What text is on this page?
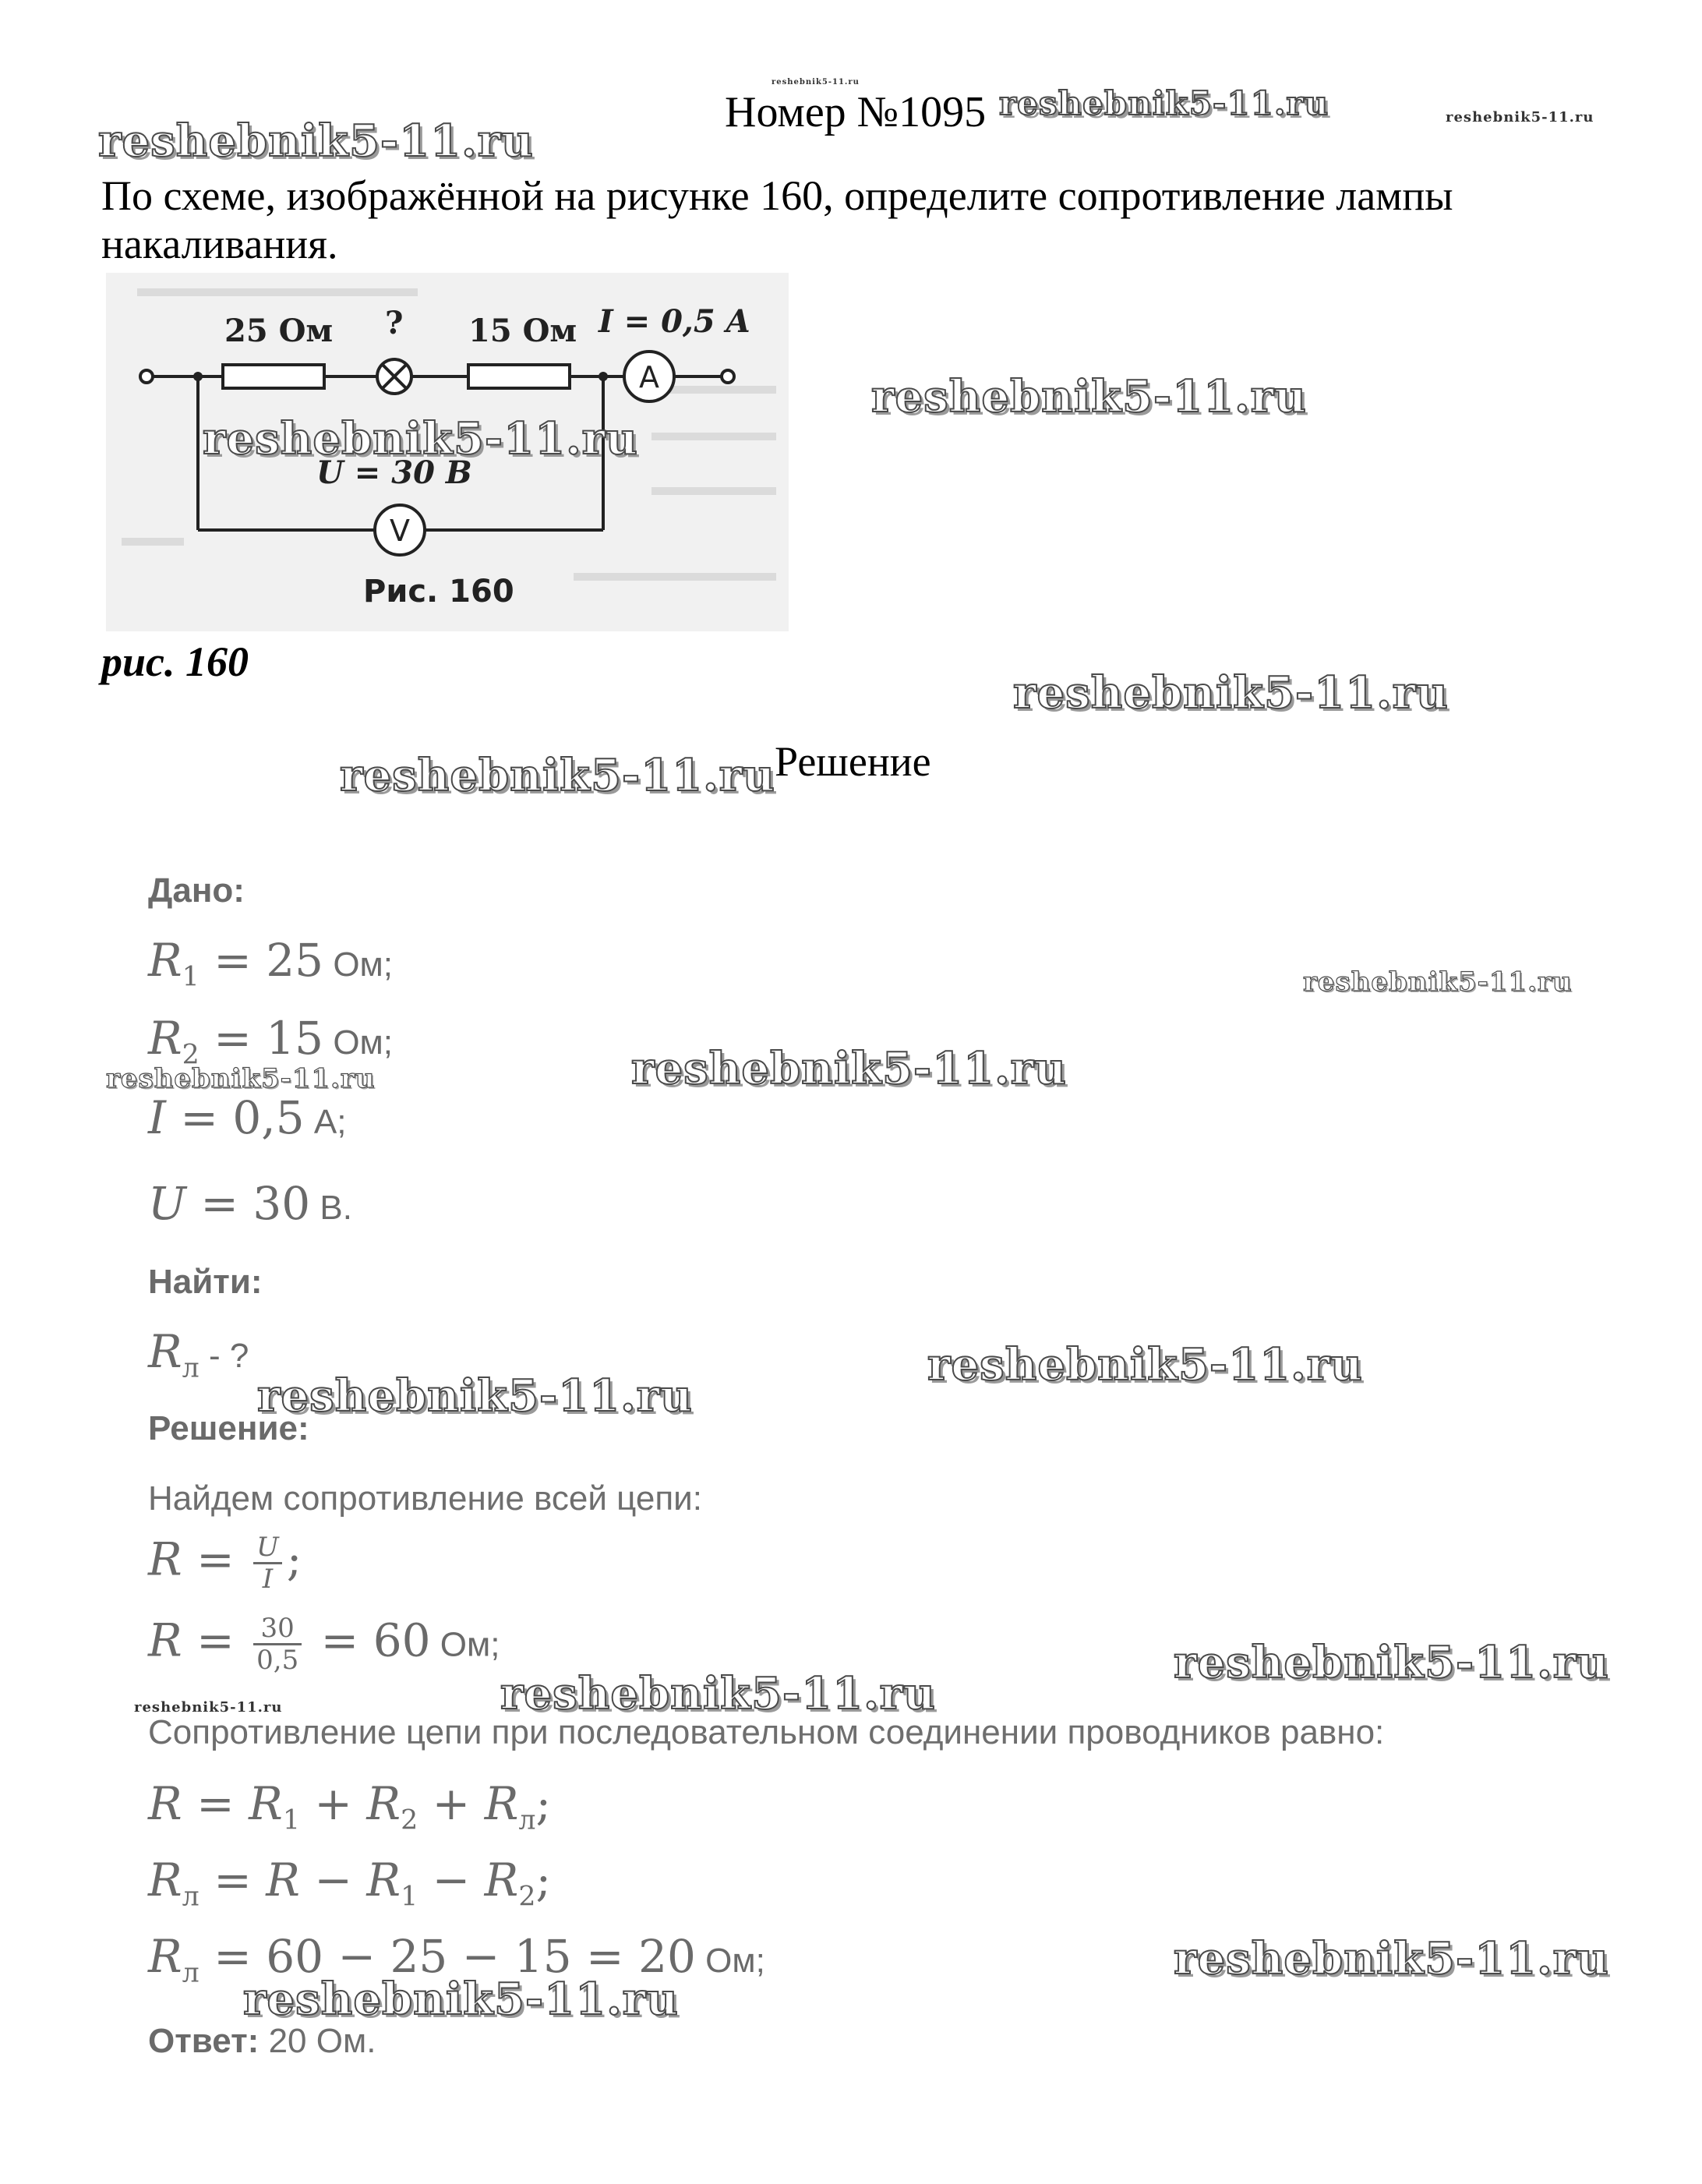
Номер №1095 reshebnik5-11.ru	reshebnik5-11.ru
reshebnik5-11.ru
reshebnik5-11.ru
По схеме, изображённой на рисунке 160, определите сопротивление лампы накаливания.
A
V
25 Ом ? 15 Ом I = 0,5 A
U = 30 В
Рис. 160
reshebnik5-11.ru
reshebnik5-11.ru
рис. 160
reshebnik5-11.ru
reshebnik5-11.ru Решение
Дано:
$R_1 = 25$ Ом;	reshebnik5-11.ru
$R_2 = 15$ Ом;
reshebnik5-11.ru	reshebnik5-11.ru
I = 0,5 А;
U = 30 В.
Найти:
$R_л$ - ?	reshebnik5-11.ru
reshebnik5-11.ru
Решение:
Найдем сопротивление всей цепи:
$R = \frac{U}{I}$ ;
$R = \frac{30}{0,5} = 60$ Ом;	reshebnik5-11.ru
reshebnik5-11.ru	reshebnik5-11.ru
Сопротивление цепи при последовательном соединении проводников равно:
$R = R_1 + R_2 + R_л$;
$R_л = R - R_1 - R_2$;
$R_л = 60 - 25 - 15 = 20$ Ом;	reshebnik5-11.ru
reshebnik5-11.ru
Ответ: 20 Ом.
